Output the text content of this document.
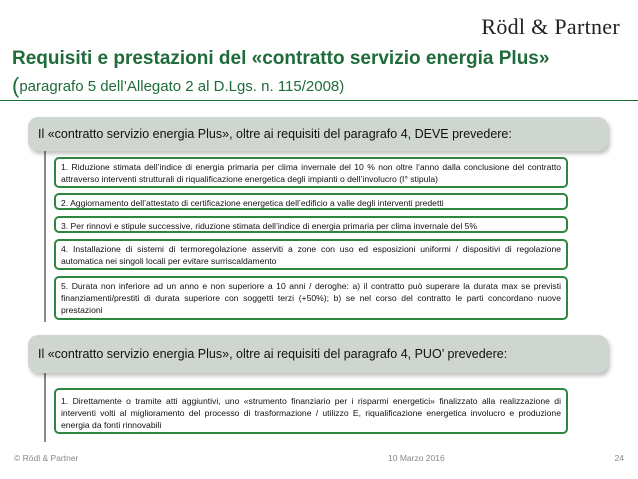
Rödl & Partner
Requisiti e prestazioni del «contratto servizio energia Plus»
(paragrafo 5 dell’Allegato 2 al D.Lgs. n. 115/2008)
Il «contratto servizio energia Plus», oltre ai requisiti del paragrafo 4, DEVE prevedere:
1. Riduzione stimata dell’indice di energia primaria per clima invernale del 10 % non oltre l’anno dalla conclusione del contratto attraverso interventi strutturali di riqualificazione energetica degli impianti o dell’involucro (I° stipula)
2. Aggiornamento dell’attestato di certificazione energetica dell’edificio a valle degli interventi predetti
3. Per rinnovi e stipule successive, riduzione stimata dell’indice di energia primaria per clima invernale del 5%
4. Installazione di sistemi di termoregolazione asserviti a zone con uso ed esposizioni uniformi / dispositivi di regolazione automatica nei singoli locali per evitare surriscaldamento
5. Durata non inferiore ad un anno e non superiore a 10 anni / deroghe: a) il contratto può superare la durata max se previsti finanziamenti/prestiti di durata superiore con soggetti terzi (+50%); b) se nel corso del contratto le parti concordano nuove prestazioni
Il «contratto servizio energia Plus», oltre ai requisiti del paragrafo 4, PUO’ prevedere:
1. Direttamente o tramite atti aggiuntivi, uno «strumento finanziario per i risparmi energetici» finalizzato alla realizzazione di interventi volti al miglioramento del processo di trasformazione / utilizzo E, riqualificazione energetica involucro e produzione energia da fonti rinnovabili
© Rödl & Partner	10 Marzo 2016	24
